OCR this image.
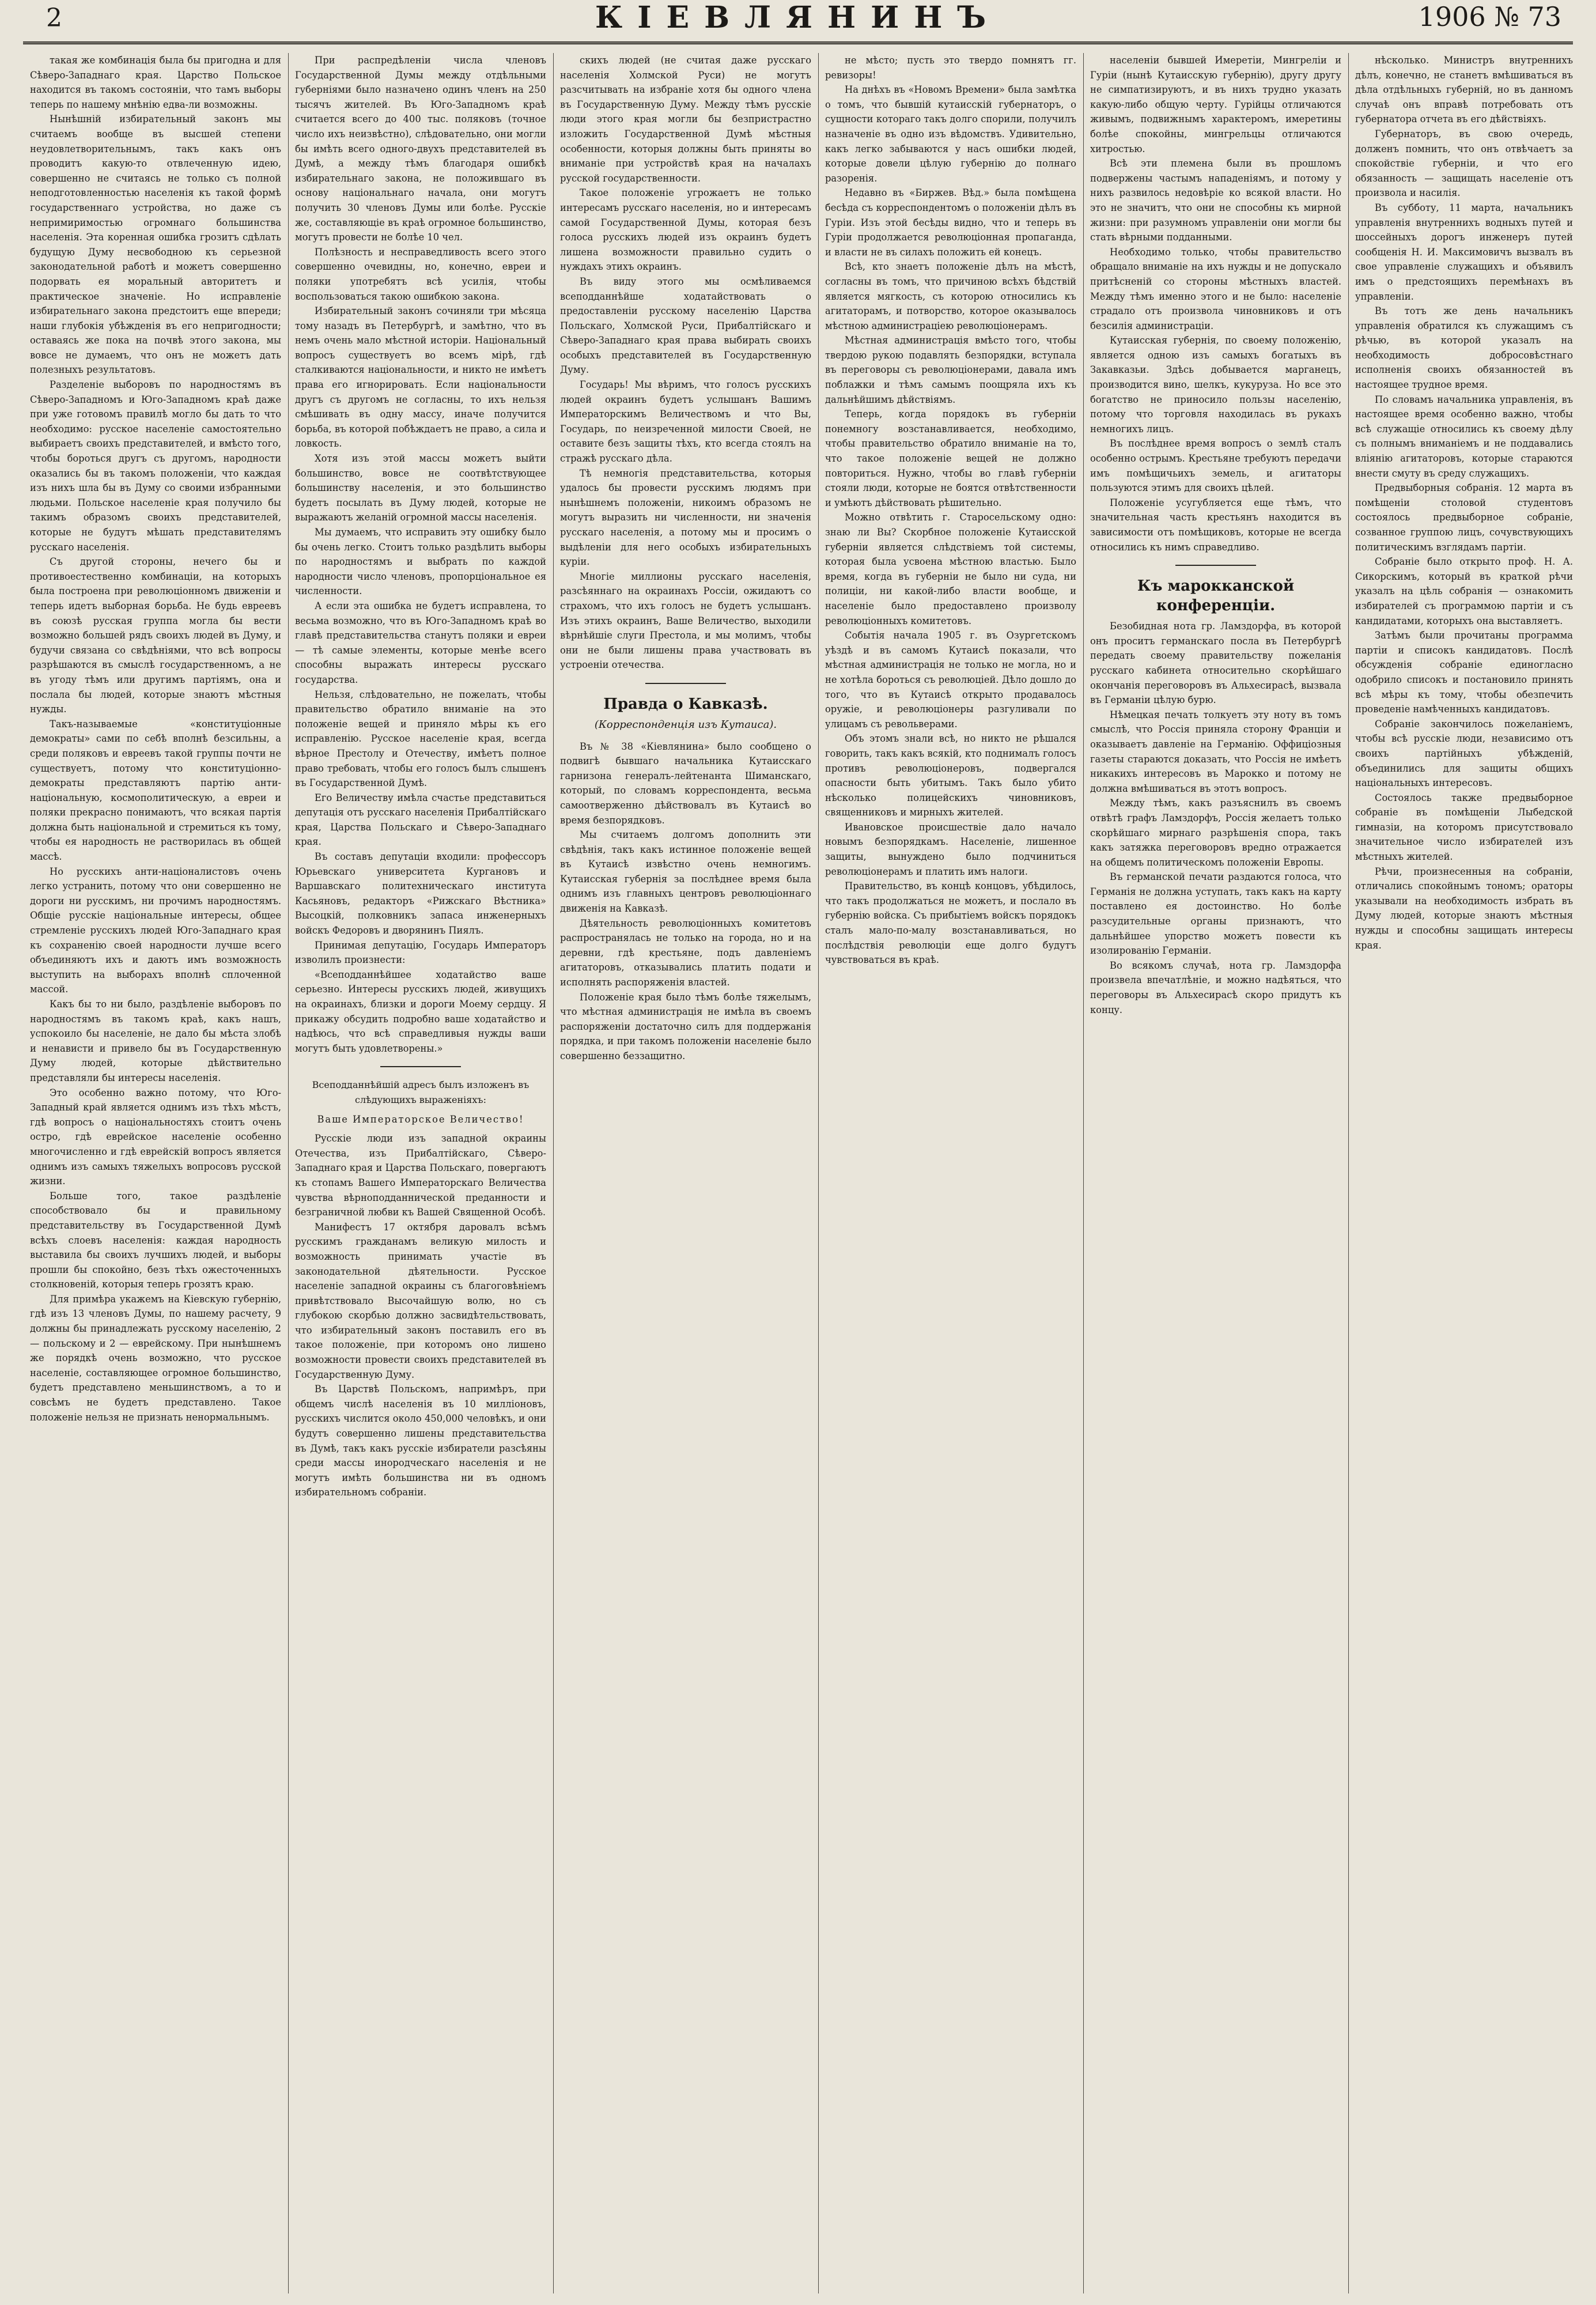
2	КІЕВЛЯНИНЪ	1906 № 73

такая же комбинація была бы пригодна и для Сѣверо-Западнаго края. Царство Польское находится въ такомъ состояніи, что тамъ выборы теперь по нашему мнѣнію едва-ли возможны.

Нынѣшній избирательный законъ мы считаемъ вообще въ высшей степени неудовлетворительнымъ, такъ какъ онъ проводитъ какую-то отвлеченную идею, совершенно не считаясь не только съ полной неподготовленностью населенія къ такой формѣ государственнаго устройства, но даже съ непримиримостью огромнаго большинства населенія. Эта коренная ошибка грозитъ сдѣлать будущую Думу несвободною къ серьезной законодательной работѣ и можетъ совершенно подорвать ея моральный авторитетъ и практическое значеніе. Но исправленіе избирательнаго закона предстоитъ еще впереди; наши глубокія убѣжденія въ его непригодности; оставаясь же пока на почвѣ этого закона, мы вовсе не думаемъ, что онъ не можетъ дать полезныхъ результатовъ.

Разделеніе выборовъ по народностямъ въ Сѣверо-Западномъ и Юго-Западномъ краѣ даже при уже готовомъ правилѣ могло бы дать то что необходимо: русское населеніе самостоятельно выбираетъ своихъ представителей, и вмѣсто того, чтобы бороться другъ съ другомъ, народности оказались бы въ такомъ положеніи, что каждая изъ нихъ шла бы въ Думу со своими избранными людьми. Польское населеніе края получило бы такимъ образомъ своихъ представителей, которые не будутъ мѣшать представителямъ русскаго населенія.

Съ другой стороны, нечего бы и противоестественно комбинаціи, на которыхъ была построена при революціонномъ движеніи и теперь идетъ выборная борьба. Не будь евреевъ въ союзѣ русская группа могла бы вести возможно большей рядъ своихъ людей въ Думу, и будучи связана со свѣдѣніями, что всѣ вопросы разрѣшаются въ смыслѣ государственномъ, а не въ угоду тѣмъ или другимъ партіямъ, она и послала бы людей, которые знаютъ мѣстныя нужды.

Такъ-называемые «конституціонные демократы» сами по себѣ вполнѣ безсильны, а среди поляковъ и евреевъ такой группы почти не существуетъ, потому что конституціонно-демократы представляютъ партію анти-національную, космополитическую, а евреи и поляки прекрасно понимаютъ, что всякая партія должна быть національной и стремиться къ тому, чтобы ея народность не растворилась въ общей массѣ.

Но русскихъ анти-націоналистовъ очень легко устранить, потому что они совершенно не дороги ни русскимъ, ни прочимъ народностямъ. Общіе русскіе національные интересы, общее стремленіе русскихъ людей Юго-Западнаго края къ сохраненію своей народности лучше всего объединяютъ ихъ и даютъ имъ возможность выступить на выборахъ вполнѣ сплоченной массой.

Какъ бы то ни было, раздѣленіе выборовъ по народностямъ въ такомъ краѣ, какъ нашъ, успокоило бы населеніе, не дало бы мѣста злобѣ и ненависти и привело бы въ Государственную Думу людей, которые дѣйствительно представляли бы интересы населенія.

Это особенно важно потому, что Юго-Западный край является однимъ изъ тѣхъ мѣстъ, гдѣ вопросъ о національностяхъ стоитъ очень остро, гдѣ еврейское населеніе особенно многочисленно и гдѣ еврейскій вопросъ является однимъ изъ самыхъ тяжелыхъ вопросовъ русской жизни.

Больше того, такое раздѣленіе способствовало бы и правильному представительству въ Государственной Думѣ всѣхъ слоевъ населенія: каждая народность выставила бы своихъ лучшихъ людей, и выборы прошли бы спокойно, безъ тѣхъ ожесточенныхъ столкновеній, которыя теперь грозятъ краю.

Для примѣра укажемъ на Кіевскую губернію, гдѣ изъ 13 членовъ Думы, по нашему расчету, 9 должны бы принадлежать русскому населенію, 2 — польскому и 2 — еврейскому. При нынѣшнемъ же порядкѣ очень возможно, что русское населеніе, составляющее огромное большинство, будетъ представлено меньшинствомъ, а то и совсѣмъ не будетъ представлено. Такое положеніе нельзя не признать ненормальнымъ.

При распредѣленіи числа членовъ Государственной Думы между отдѣльными губерніями было назначено одинъ членъ на 250 тысячъ жителей. Въ Юго-Западномъ краѣ считается всего до 400 тыс. поляковъ (точное число ихъ неизвѣстно), слѣдовательно, они могли бы имѣть всего одного-двухъ представителей въ Думѣ, а между тѣмъ благодаря ошибкѣ избирательнаго закона, не положившаго въ основу національнаго начала, они могутъ получить 30 членовъ Думы или болѣе. Русскіе же, составляющіе въ краѣ огромное большинство, могутъ провести не болѣе 10 чел.

Полѣзность и несправедливость всего этого совершенно очевидны, но, конечно, евреи и поляки употребятъ всѣ усилія, чтобы воспользоваться такою ошибкою закона.

Избирательный законъ сочиняли три мѣсяца тому назадъ въ Петербургѣ, и замѣтно, что въ немъ очень мало мѣстной исторіи. Національный вопросъ существуетъ во всемъ мірѣ, гдѣ сталкиваются національности, и никто не имѣетъ права его игнорировать. Если національности другъ съ другомъ не согласны, то ихъ нельзя смѣшивать въ одну массу, иначе получится борьба, въ которой побѣждаетъ не право, а сила и ловкость.

Хотя изъ этой массы можетъ выйти большинство, вовсе не соотвѣтствующее большинству населенія, и это большинство будетъ посылать въ Думу людей, которые не выражаютъ желаній огромной массы населенія.

Мы думаемъ, что исправить эту ошибку было бы очень легко. Стоитъ только раздѣлить выборы по народностямъ и выбрать по каждой народности число членовъ, пропорціональное ея численности.

А если эта ошибка не будетъ исправлена, то весьма возможно, что въ Юго-Западномъ краѣ во главѣ представительства станутъ поляки и евреи — тѣ самые элементы, которые менѣе всего способны выражать интересы русскаго государства.

Нельзя, слѣдовательно, не пожелать, чтобы правительство обратило вниманіе на это положеніе вещей и приняло мѣры къ его исправленію. Русское населеніе края, всегда вѣрное Престолу и Отечеству, имѣетъ полное право требовать, чтобы его голосъ былъ слышенъ въ Государственной Думѣ.

Его Величеству имѣла счастье представиться депутація отъ русскаго населенія Прибалтійскаго края, Царства Польскаго и Сѣверо-Западнаго края.

Въ составъ депутаціи входили: профессоръ Юрьевскаго университета Кургановъ и Варшавскаго политехническаго института Касьяновъ, редакторъ «Рижскаго Вѣстника» Высоцкій, полковникъ запаса инженерныхъ войскъ Федоровъ и дворянинъ Пиялъ.

Принимая депутацію, Государь Императоръ изволилъ произнести:

«Всеподданнѣйшее ходатайство ваше серьезно. Интересы русскихъ людей, живущихъ на окраинахъ, близки и дороги Моему сердцу. Я прикажу обсудить подробно ваше ходатайство и надѣюсь, что всѣ справедливыя нужды ваши могутъ быть удовлетворены.»

Всеподданнѣйшій адресъ былъ изложенъ въ слѣдующихъ выраженіяхъ:

Ваше Императорское Величество!

Русскіе люди изъ западной окраины Отечества, изъ Прибалтійскаго, Сѣверо-Западнаго края и Царства Польскаго, повергаютъ къ стопамъ Вашего Императорскаго Величества чувства вѣрноподданнической преданности и безграничной любви къ Вашей Священной Особѣ.

Манифестъ 17 октября даровалъ всѣмъ русскимъ гражданамъ великую милость и возможность принимать участіе въ законодательной дѣятельности. Русское населеніе западной окраины съ благоговѣніемъ привѣтствовало Высочайшую волю, но съ глубокою скорбью должно засвидѣтельствовать, что избирательный законъ поставилъ его въ такое положеніе, при которомъ оно лишено возможности провести своихъ представителей въ Государственную Думу.

Въ Царствѣ Польскомъ, напримѣръ, при общемъ числѣ населенія въ 10 милліоновъ, русскихъ числится около 450,000 человѣкъ, и они будутъ совершенно лишены представительства въ Думѣ, такъ какъ русскіе избиратели разсѣяны среди массы инородческаго населенія и не могутъ имѣть большинства ни въ одномъ избирательномъ собраніи.

скихъ людей (не считая даже русскаго населенія Холмской Руси) не могутъ разсчитывать на избраніе хотя бы одного члена въ Государственную Думу. Между тѣмъ русскіе люди этого края могли бы безпристрастно изложить Государственной Думѣ мѣстныя особенности, которыя должны быть приняты во вниманіе при устройствѣ края на началахъ русской государственности.

Такое положеніе угрожаетъ не только интересамъ русскаго населенія, но и интересамъ самой Государственной Думы, которая безъ голоса русскихъ людей изъ окраинъ будетъ лишена возможности правильно судить о нуждахъ этихъ окраинъ.

Въ виду этого мы осмѣливаемся всеподданнѣйше ходатайствовать о предоставленіи русскому населенію Царства Польскаго, Холмской Руси, Прибалтійскаго и Сѣверо-Западнаго края права выбирать своихъ особыхъ представителей въ Государственную Думу.

Государь! Мы вѣримъ, что голосъ русскихъ людей окраинъ будетъ услышанъ Вашимъ Императорскимъ Величествомъ и что Вы, Государь, по неизреченной милости Своей, не оставите безъ защиты тѣхъ, кто всегда стоялъ на стражѣ русскаго дѣла.

Тѣ немногія представительства, которыя удалось бы провести русскимъ людямъ при нынѣшнемъ положеніи, никоимъ образомъ не могутъ выразить ни численности, ни значенія русскаго населенія, а потому мы и просимъ о выдѣленіи для него особыхъ избирательныхъ куріи.

Многіе миллионы русскаго населенія, разсѣяннаго на окраинахъ Россіи, ожидаютъ со страхомъ, что ихъ голосъ не будетъ услышанъ. Изъ этихъ окраинъ, Ваше Величество, выходили вѣрнѣйшіе слуги Престола, и мы молимъ, чтобы они не были лишены права участвовать въ устроеніи отечества.

Правда о Кавказѣ.
(Корреспонденція изъ Кутаиса).

Въ № 38 «Кіевлянина» было сообщено о подвигѣ бывшаго начальника Кутаисскаго гарнизона генералъ-лейтенанта Шиманскаго, который, по словамъ корреспондента, весьма самоотверженно дѣйствовалъ въ Кутаисѣ во время безпорядковъ.

Мы считаемъ долгомъ дополнить эти свѣдѣнія, такъ какъ истинное положеніе вещей въ Кутаисѣ извѣстно очень немногимъ. Кутаисская губернія за послѣднее время была однимъ изъ главныхъ центровъ революціоннаго движенія на Кавказѣ.

Дѣятельность революціонныхъ комитетовъ распространялась не только на города, но и на деревни, гдѣ крестьяне, подъ давленіемъ агитаторовъ, отказывались платить подати и исполнять распоряженія властей.

Положеніе края было тѣмъ болѣе тяжелымъ, что мѣстная администрація не имѣла въ своемъ распоряженіи достаточно силъ для поддержанія порядка, и при такомъ положеніи населеніе было совершенно беззащитно.

не мѣсто; пусть это твердо помнятъ гг. ревизоры!

На днѣхъ въ «Новомъ Времени» была замѣтка о томъ, что бывшій кутаисскій губернаторъ, о сущности котораго такъ долго спорили, получилъ назначеніе въ одно изъ вѣдомствъ. Удивительно, какъ легко забываются у насъ ошибки людей, которые довели цѣлую губернію до полнаго разоренія.

Недавно въ «Биржев. Вѣд.» была помѣщена бесѣда съ корреспондентомъ о положеніи дѣлъ въ Гуріи. Изъ этой бесѣды видно, что и теперь въ Гуріи продолжается революціонная пропаганда, и власти не въ силахъ положить ей конецъ.

Всѣ, кто знаетъ положеніе дѣлъ на мѣстѣ, согласны въ томъ, что причиною всѣхъ бѣдствій является мягкость, съ которою относились къ агитаторамъ, и потворство, которое оказывалось мѣстною администраціею революціонерамъ.

Мѣстная администрація вмѣсто того, чтобы твердою рукою подавлять безпорядки, вступала въ переговоры съ революціонерами, давала имъ поблажки и тѣмъ самымъ поощряла ихъ къ дальнѣйшимъ дѣйствіямъ.

Теперь, когда порядокъ въ губерніи понемногу возстанавливается, необходимо, чтобы правительство обратило вниманіе на то, что такое положеніе вещей не должно повториться. Нужно, чтобы во главѣ губерніи стояли люди, которые не боятся отвѣтственности и умѣютъ дѣйствовать рѣшительно.

Можно отвѣтить г. Старосельскому одно: знаю ли Вы? Скорбное положеніе Кутаисской губерніи является слѣдствіемъ той системы, которая была усвоена мѣстною властью. Было время, когда въ губерніи не было ни суда, ни полиціи, ни какой-либо власти вообще, и населеніе было предоставлено произволу революціонныхъ комитетовъ.

Событія начала 1905 г. въ Озургетскомъ уѣздѣ и въ самомъ Кутаисѣ показали, что мѣстная администрація не только не могла, но и не хотѣла бороться съ революціей. Дѣло дошло до того, что въ Кутаисѣ открыто продавалось оружіе, и революціонеры разгуливали по улицамъ съ револьверами.

Объ этомъ знали всѣ, но никто не рѣшался говорить, такъ какъ всякій, кто поднималъ голосъ противъ революціонеровъ, подвергался опасности быть убитымъ. Такъ было убито нѣсколько полицейскихъ чиновниковъ, священниковъ и мирныхъ жителей.

Ивановское происшествіе дало начало новымъ безпорядкамъ. Населеніе, лишенное защиты, вынуждено было подчиниться революціонерамъ и платить имъ налоги.

Правительство, въ концѣ концовъ, убѣдилось, что такъ продолжаться не можетъ, и послало въ губернію войска. Съ прибытіемъ войскъ порядокъ сталъ мало-по-малу возстанавливаться, но послѣдствія революціи еще долго будутъ чувствоваться въ краѣ.

населеніи бывшей Имеретіи, Мингреліи и Гуріи (нынѣ Кутаисскую губернію), другу другу не симпатизируютъ, и въ нихъ трудно указать какую-либо общую черту. Гурійцы отличаются живымъ, подвижнымъ характеромъ, имеретины болѣе спокойны, мингрельцы отличаются хитростью.

Всѣ эти племена были въ прошломъ подвержены частымъ нападеніямъ, и потому у нихъ развилось недовѣріе ко всякой власти. Но это не значитъ, что они не способны къ мирной жизни: при разумномъ управленіи они могли бы стать вѣрными подданными.

Необходимо только, чтобы правительство обращало вниманіе на ихъ нужды и не допускало притѣсненій со стороны мѣстныхъ властей. Между тѣмъ именно этого и не было: населеніе страдало отъ произвола чиновниковъ и отъ безсилія администраціи.

Кутаисская губернія, по своему положенію, является одною изъ самыхъ богатыхъ въ Закавказьи. Здѣсь добывается марганецъ, производится вино, шелкъ, кукуруза. Но все это богатство не приносило пользы населенію, потому что торговля находилась въ рукахъ немногихъ лицъ.

Въ послѣднее время вопросъ о землѣ сталъ особенно острымъ. Крестьяне требуютъ передачи имъ помѣщичьихъ земель, и агитаторы пользуются этимъ для своихъ цѣлей.

Положеніе усугубляется еще тѣмъ, что значительная часть крестьянъ находится въ зависимости отъ помѣщиковъ, которые не всегда относились къ нимъ справедливо.

Къ марокканской конференціи.

Безобидная нота гр. Ламздорфа, въ которой онъ проситъ германскаго посла въ Петербургѣ передать своему правительству пожеланія русскаго кабинета относительно скорѣйшаго окончанія переговоровъ въ Альхесирасѣ, вызвала въ Германіи цѣлую бурю.

Нѣмецкая печать толкуетъ эту ноту въ томъ смыслѣ, что Россія приняла сторону Франціи и оказываетъ давленіе на Германію. Оффиціозныя газеты стараются доказать, что Россія не имѣетъ никакихъ интересовъ въ Марокко и потому не должна вмѣшиваться въ этотъ вопросъ.

Между тѣмъ, какъ разъяснилъ въ своемъ отвѣтѣ графъ Ламздорфъ, Россія желаетъ только скорѣйшаго мирнаго разрѣшенія спора, такъ какъ затяжка переговоровъ вредно отражается на общемъ политическомъ положеніи Европы.

Въ германской печати раздаются голоса, что Германія не должна уступать, такъ какъ на карту поставлено ея достоинство. Но болѣе разсудительные органы признаютъ, что дальнѣйшее упорство можетъ повести къ изолированію Германіи.

Во всякомъ случаѣ, нота гр. Ламздорфа произвела впечатлѣніе, и можно надѣяться, что переговоры въ Альхесирасѣ скоро придутъ къ концу.

нѣсколько. Министръ внутреннихъ дѣлъ, конечно, не станетъ вмѣшиваться въ дѣла отдѣльныхъ губерній, но въ данномъ случаѣ онъ вправѣ потребовать отъ губернатора отчета въ его дѣйствіяхъ.

Губернаторъ, въ свою очередь, долженъ помнить, что онъ отвѣчаетъ за спокойствіе губерніи, и что его обязанность — защищать населеніе отъ произвола и насилія.

Въ субботу, 11 марта, начальникъ управленія внутреннихъ водныхъ путей и шоссейныхъ дорогъ инженеръ путей сообщенія Н. И. Максимовичъ вызвалъ въ свое управленіе служащихъ и объявилъ имъ о предстоящихъ перемѣнахъ въ управленіи.

Въ тотъ же день начальникъ управленія обратился къ служащимъ съ рѣчью, въ которой указалъ на необходимость добросовѣстнаго исполненія своихъ обязанностей въ настоящее трудное время.

По словамъ начальника управленія, въ настоящее время особенно важно, чтобы всѣ служащіе относились къ своему дѣлу съ полнымъ вниманіемъ и не поддавались вліянію агитаторовъ, которые стараются внести смуту въ среду служащихъ.

Предвыборныя собранія. 12 марта въ помѣщеніи столовой студентовъ состоялось предвыборное собраніе, созванное группою лицъ, сочувствующихъ политическимъ взглядамъ партіи.

Собраніе было открыто проф. Н. А. Сикорскимъ, который въ краткой рѣчи указалъ на цѣль собранія — ознакомить избирателей съ программою партіи и съ кандидатами, которыхъ она выставляетъ.

Затѣмъ были прочитаны программа партіи и списокъ кандидатовъ. Послѣ обсужденія собраніе единогласно одобрило списокъ и постановило принять всѣ мѣры къ тому, чтобы обезпечить проведеніе намѣченныхъ кандидатовъ.

Собраніе закончилось пожеланіемъ, чтобы всѣ русскіе люди, независимо отъ своихъ партійныхъ убѣжденій, объединились для защиты общихъ національныхъ интересовъ.

Состоялось также предвыборное собраніе въ помѣщеніи Лыбедской гимназіи, на которомъ присутствовало значительное число избирателей изъ мѣстныхъ жителей.

Рѣчи, произнесенныя на собраніи, отличались спокойнымъ тономъ; ораторы указывали на необходимость избрать въ Думу людей, которые знаютъ мѣстныя нужды и способны защищать интересы края.
